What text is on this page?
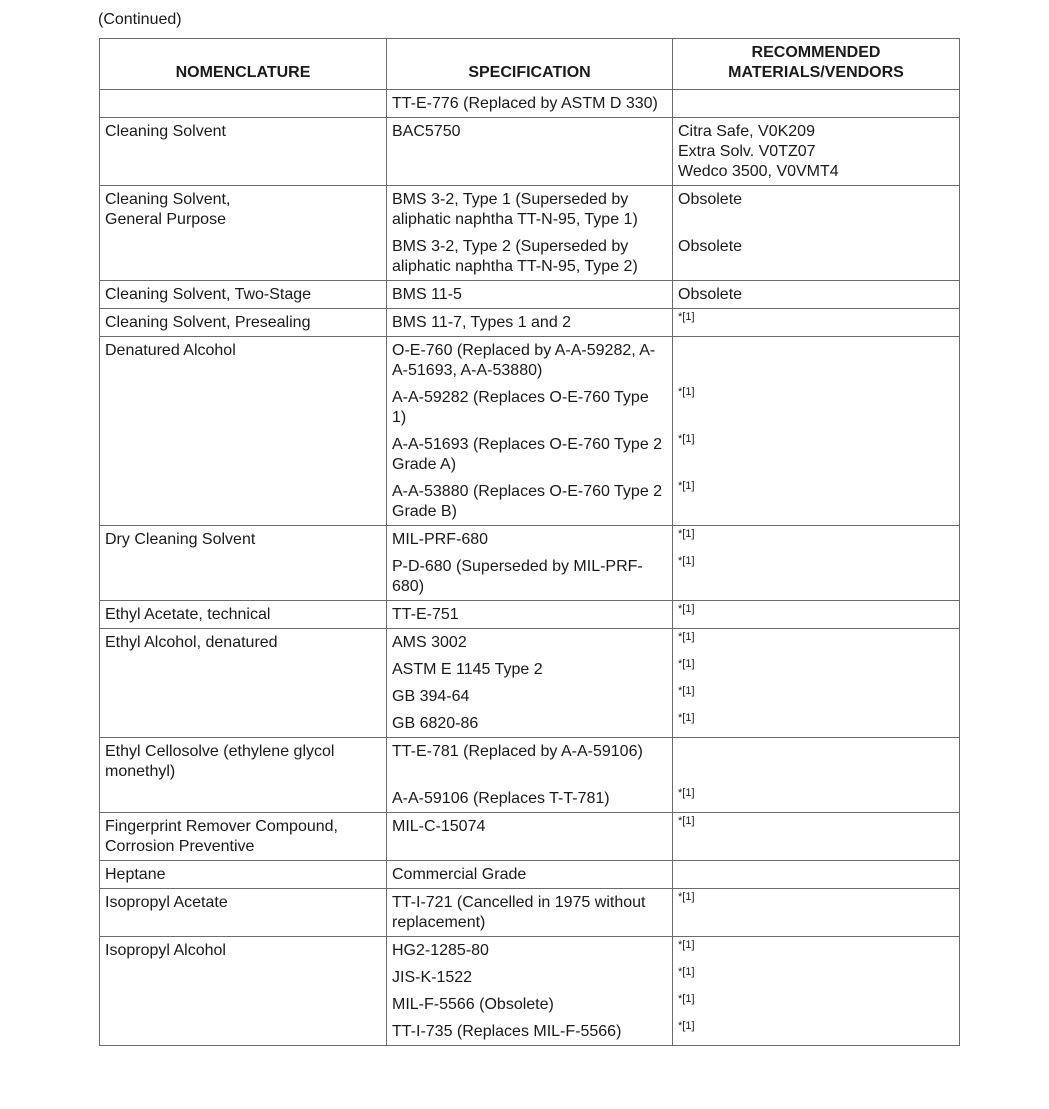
(Continued)
NOMENCLATURE	SPECIFICATION	RECOMMENDED
MATERIALS/VENDORS
	TT-E-776 (Replaced by ASTM D 330)	
Cleaning Solvent	BAC5750	Citra Safe, V0K209
Extra Solv. V0TZ07
Wedco 3500, V0VMT4

Cleaning Solvent,
General Purpose	BMS 3-2, Type 1 (Superseded by aliphatic naphtha TT-N-95, Type 1)	Obsolete
	BMS 3-2, Type 2 (Superseded by aliphatic naphtha TT-N-95, Type 2)	Obsolete
Cleaning Solvent, Two-Stage	BMS 11-5	Obsolete
Cleaning Solvent, Presealing	BMS 11-7, Types 1 and 2	$^{*[1]}$
Denatured Alcohol	O-E-760 (Replaced by A-A-59282, A-A-51693, A-A-53880)	
	A-A-59282 (Replaces O-E-760 Type 1)	$^{*[1]}$
	A-A-51693 (Replaces O-E-760 Type 2 Grade A)	$^{*[1]}$
	A-A-53880 (Replaces O-E-760 Type 2 Grade B)	$^{*[1]}$
Dry Cleaning Solvent	MIL-PRF-680	$^{*[1]}$
	P-D-680 (Superseded by MIL-PRF-680)	$^{*[1]}$
Ethyl Acetate, technical	TT-E-751	$^{*[1]}$
Ethyl Alcohol, denatured	AMS 3002	$^{*[1]}$
	ASTM E 1145 Type 2	$^{*[1]}$
	GB 394-64	$^{*[1]}$
	GB 6820-86	$^{*[1]}$
Ethyl Cellosolve (ethylene glycol monethyl)	TT-E-781 (Replaced by A-A-59106)	
	A-A-59106 (Replaces T-T-781)	$^{*[1]}$
Fingerprint Remover Compound,
Corrosion Preventive	MIL-C-15074	$^{*[1]}$
Heptane	Commercial Grade	
Isopropyl Acetate	TT-I-721 (Cancelled in 1975 without replacement)	$^{*[1]}$
Isopropyl Alcohol	HG2-1285-80	$^{*[1]}$
	JIS-K-1522	$^{*[1]}$
	MIL-F-5566 (Obsolete)	$^{*[1]}$
	TT-I-735 (Replaces MIL-F-5566)	$^{*[1]}$
